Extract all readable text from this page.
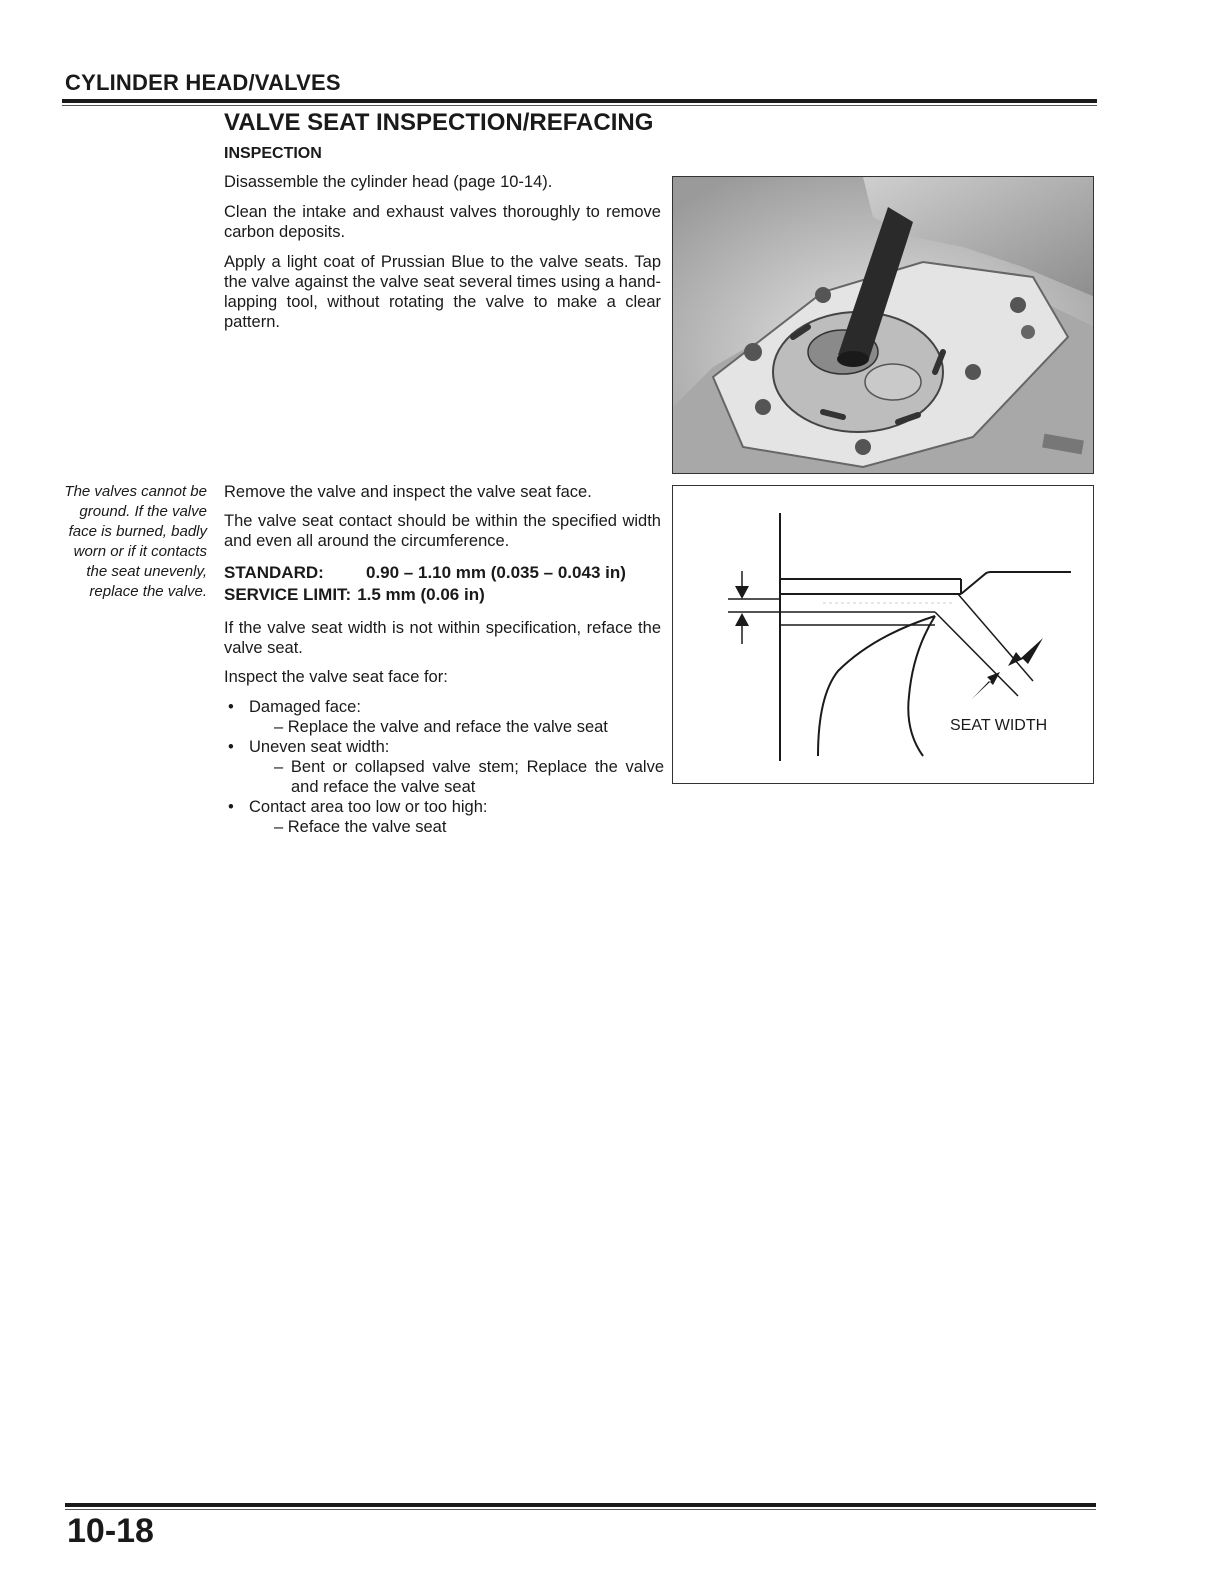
CYLINDER HEAD/VALVES
VALVE SEAT INSPECTION/REFACING
INSPECTION
Disassemble the cylinder head (page 10-14).
Clean the intake and exhaust valves thoroughly to remove carbon deposits.
Apply a light coat of Prussian Blue to the valve seats. Tap the valve against the valve seat several times using a hand-lapping tool, without rotating the valve to make a clear pattern.
The valves cannot be ground. If the valve face is burned, badly worn or if it contacts the seat unevenly, replace the valve.
Remove the valve and inspect the valve seat face.
The valve seat contact should be within the specified width and even all around the circumference.
STANDARD: 0.90 – 1.10 mm (0.035 – 0.043 in)
SERVICE LIMIT: 1.5 mm (0.06 in)
If the valve seat width is not within specification, reface the valve seat.
Inspect the valve seat face for:
• Damaged face:
– Replace the valve and reface the valve seat
• Uneven seat width:
– Bent or collapsed valve stem; Replace the valve and reface the valve seat
• Contact area too low or too high:
– Reface the valve seat
SEAT WIDTH
10-18
